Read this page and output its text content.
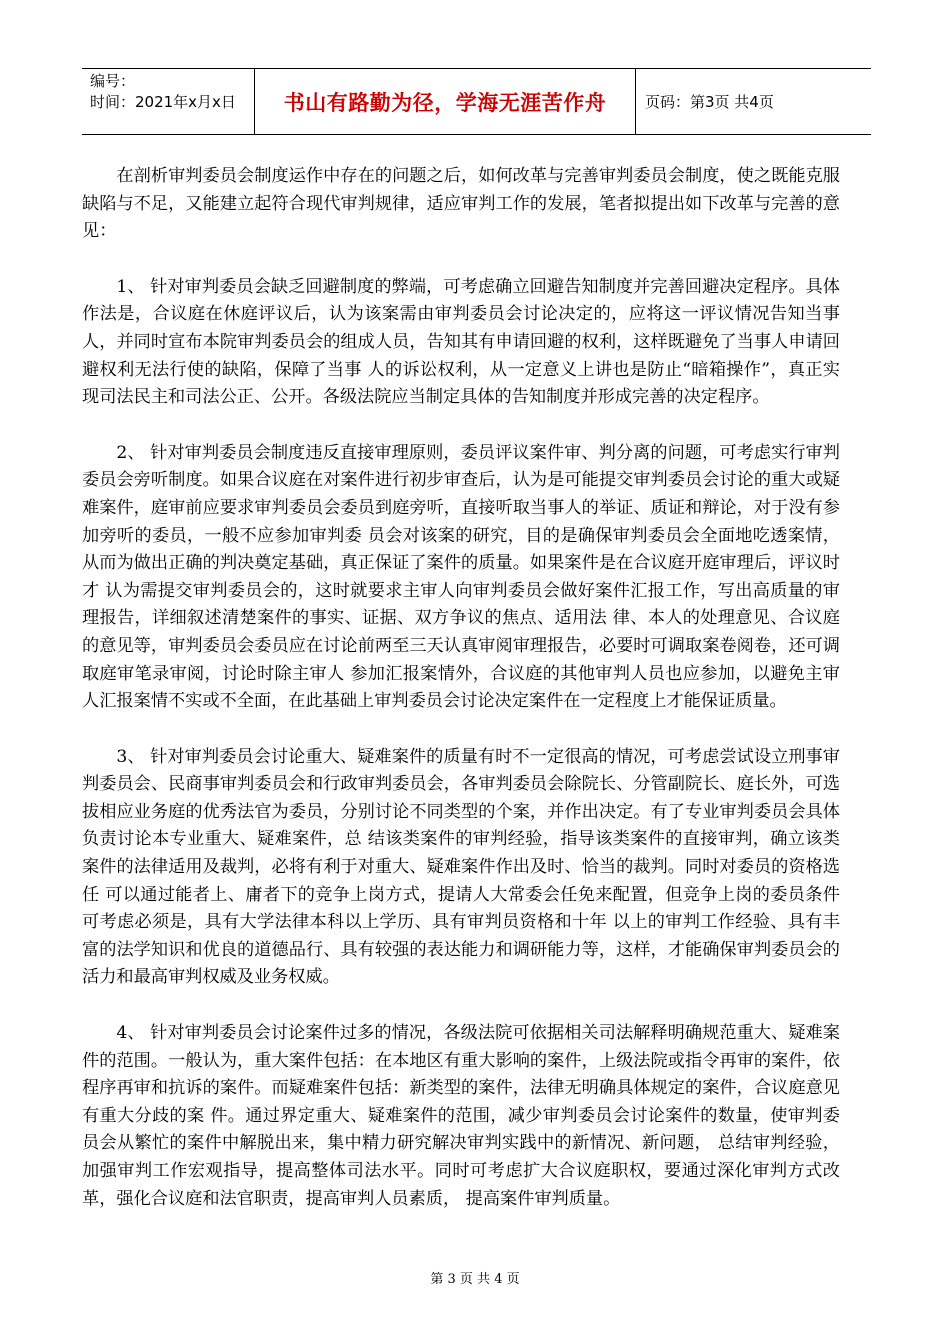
编号：
时间：2021年x月x日	书山有路勤为径，学海无涯苦作舟	页码：第3页 共4页

在剖析审判委员会制度运作中存在的问题之后，如何改革与完善审判委员会制度，使之既能克服缺陷与不足，又能建立起符合现代审判规律，适应审判工作的发展，笔者拟提出如下改革与完善的意见：

1、 针对审判委员会缺乏回避制度的弊端，可考虑确立回避告知制度并完善回避决定程序。具体作法是，合议庭在休庭评议后，认为该案需由审判委员会讨论决定的，应将这一评议情况告知当事人，并同时宣布本院审判委员会的组成人员，告知其有申请回避的权利，这样既避免了当事人申请回避权利无法行使的缺陷，保障了当事 人的诉讼权利，从一定意义上讲也是防止“暗箱操作”，真正实现司法民主和司法公正、公开。各级法院应当制定具体的告知制度并形成完善的决定程序。

2、 针对审判委员会制度违反直接审理原则，委员评议案件审、判分离的问题，可考虑实行审判委员会旁听制度。如果合议庭在对案件进行初步审查后，认为是可能提交审判委员会讨论的重大或疑难案件，庭审前应要求审判委员会委员到庭旁听，直接听取当事人的举证、质证和辩论，对于没有参加旁听的委员，一般不应参加审判委 员会对该案的研究，目的是确保审判委员会全面地吃透案情，从而为做出正确的判决奠定基础，真正保证了案件的质量。如果案件是在合议庭开庭审理后，评议时才 认为需提交审判委员会的，这时就要求主审人向审判委员会做好案件汇报工作，写出高质量的审理报告，详细叙述清楚案件的事实、证据、双方争议的焦点、适用法 律、本人的处理意见、合议庭的意见等，审判委员会委员应在讨论前两至三天认真审阅审理报告，必要时可调取案卷阅卷，还可调取庭审笔录审阅，讨论时除主审人 参加汇报案情外，合议庭的其他审判人员也应参加，以避免主审人汇报案情不实或不全面，在此基础上审判委员会讨论决定案件在一定程度上才能保证质量。

3、 针对审判委员会讨论重大、疑难案件的质量有时不一定很高的情况，可考虑尝试设立刑事审判委员会、民商事审判委员会和行政审判委员会，各审判委员会除院长、分管副院长、庭长外，可选拔相应业务庭的优秀法官为委员，分别讨论不同类型的个案，并作出决定。有了专业审判委员会具体负责讨论本专业重大、疑难案件，总 结该类案件的审判经验，指导该类案件的直接审判，确立该类案件的法律适用及裁判，必将有利于对重大、疑难案件作出及时、恰当的裁判。同时对委员的资格选任 可以通过能者上、庸者下的竞争上岗方式，提请人大常委会任免来配置，但竞争上岗的委员条件可考虑必须是，具有大学法律本科以上学历、具有审判员资格和十年 以上的审判工作经验、具有丰富的法学知识和优良的道德品行、具有较强的表达能力和调研能力等，这样，才能确保审判委员会的活力和最高审判权威及业务权威。

4、 针对审判委员会讨论案件过多的情况，各级法院可依据相关司法解释明确规范重大、疑难案件的范围。一般认为，重大案件包括：在本地区有重大影响的案件，上级法院或指令再审的案件，依程序再审和抗诉的案件。而疑难案件包括：新类型的案件，法律无明确具体规定的案件，合议庭意见有重大分歧的案 件。通过界定重大、疑难案件的范围，减少审判委员会讨论案件的数量，使审判委员会从繁忙的案件中解脱出来，集中精力研究解决审判实践中的新情况、新问题， 总结审判经验，加强审判工作宏观指导，提高整体司法水平。同时可考虑扩大合议庭职权，要通过深化审判方式改革，强化合议庭和法官职责，提高审判人员素质， 提高案件审判质量。

第 3 页 共 4 页
